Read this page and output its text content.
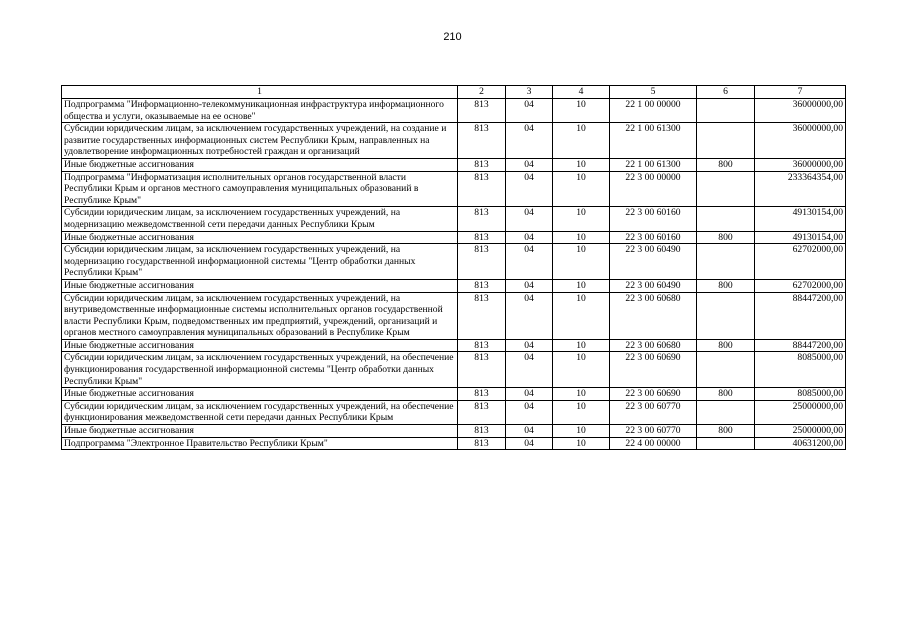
210
1	2	3	4	5	6	7
Подпрограмма "Информационно-телекоммуникационная инфраструктура информационного общества и услуги, оказываемые на ее основе"	813	04	10	22 1 00 00000		36000000,00
Субсидии юридическим лицам, за исключением государственных учреждений, на создание и развитие государственных информационных систем Республики Крым, направленных на удовлетворение информационных потребностей граждан и организаций	813	04	10	22 1 00 61300		36000000,00
Иные бюджетные ассигнования	813	04	10	22 1 00 61300	800	36000000,00
Подпрограмма "Информатизация исполнительных органов государственной власти Республики Крым и органов местного самоуправления муниципальных образований в Республике Крым"	813	04	10	22 3 00 00000		233364354,00
Субсидии юридическим лицам, за исключением государственных учреждений, на модернизацию межведомственной сети передачи данных Республики Крым	813	04	10	22 3 00 60160		49130154,00
Иные бюджетные ассигнования	813	04	10	22 3 00 60160	800	49130154,00
Субсидии юридическим лицам, за исключением государственных учреждений, на модернизацию государственной информационной системы "Центр обработки данных Республики Крым"	813	04	10	22 3 00 60490		62702000,00
Иные бюджетные ассигнования	813	04	10	22 3 00 60490	800	62702000,00
Субсидии юридическим лицам, за исключением государственных учреждений, на внутриведомственные информационные системы исполнительных органов государственной власти Республики Крым, подведомственных им предприятий, учреждений, организаций и органов местного самоуправления муниципальных образований в Республике Крым	813	04	10	22 3 00 60680		88447200,00
Иные бюджетные ассигнования	813	04	10	22 3 00 60680	800	88447200,00
Субсидии юридическим лицам, за исключением государственных учреждений, на обеспечение функционирования государственной информационной системы "Центр обработки данных Республики Крым"	813	04	10	22 3 00 60690		8085000,00
Иные бюджетные ассигнования	813	04	10	22 3 00 60690	800	8085000,00
Субсидии юридическим лицам, за исключением государственных учреждений, на обеспечение функционирования межведомственной сети передачи данных Республики Крым	813	04	10	22 3 00 60770		25000000,00
Иные бюджетные ассигнования	813	04	10	22 3 00 60770	800	25000000,00
Подпрограмма "Электронное Правительство Республики Крым"	813	04	10	22 4 00 00000		40631200,00
